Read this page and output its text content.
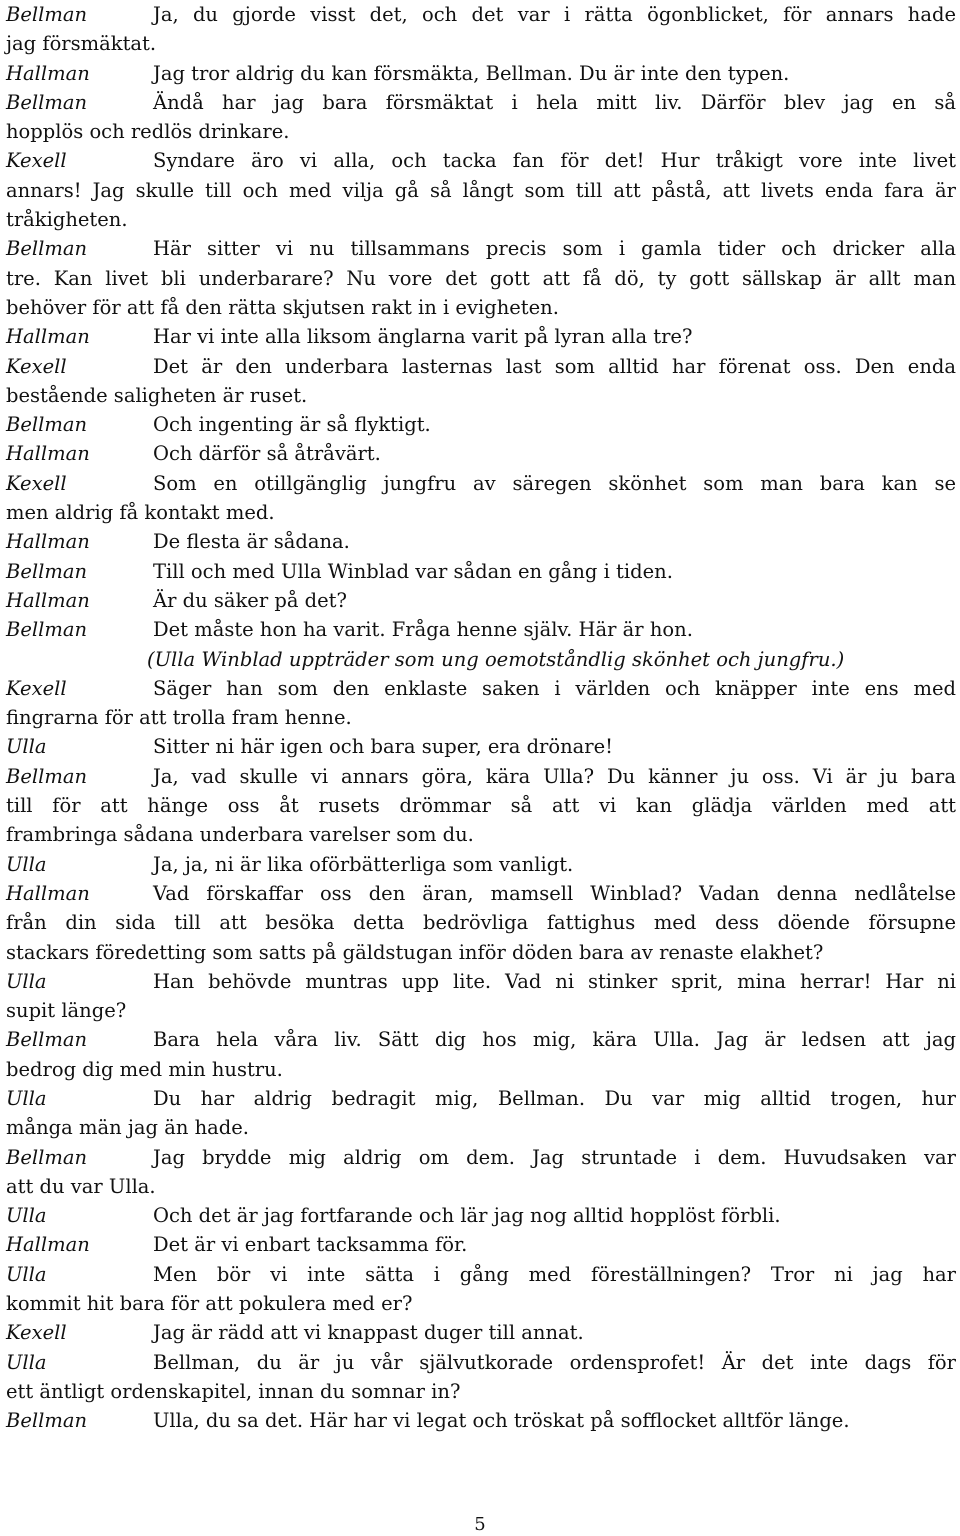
Bellman	Ja, du gjorde visst det, och det var i rätta ögonblicket, för annars hade
jag försmäktat.
Hallman	Jag tror aldrig du kan försmäkta, Bellman. Du är inte den typen.
Bellman	Ändå har jag bara försmäktat i hela mitt liv. Därför blev jag en så
hopplös och redlös drinkare.
Kexell	Syndare äro vi alla, och tacka fan för det! Hur tråkigt vore inte livet
annars! Jag skulle till och med vilja gå så långt som till att påstå, att livets enda fara är
tråkigheten.
Bellman	Här sitter vi nu tillsammans precis som i gamla tider och dricker alla
tre. Kan livet bli underbarare? Nu vore det gott att få dö, ty gott sällskap är allt man
behöver för att få den rätta skjutsen rakt in i evigheten.
Hallman	Har vi inte alla liksom änglarna varit på lyran alla tre?
Kexell	Det är den underbara lasternas last som alltid har förenat oss. Den enda
bestående saligheten är ruset.
Bellman	Och ingenting är så flyktigt.
Hallman	Och därför så åtråvärt.
Kexell	Som en otillgänglig jungfru av säregen skönhet som man bara kan se
men aldrig få kontakt med.
Hallman	De flesta är sådana.
Bellman	Till och med Ulla Winblad var sådan en gång i tiden.
Hallman	Är du säker på det?
Bellman	Det måste hon ha varit. Fråga henne själv. Här är hon.
(Ulla Winblad uppträder som ung oemotståndlig skönhet och jungfru.)
Kexell	Säger han som den enklaste saken i världen och knäpper inte ens med
fingrarna för att trolla fram henne.
Ulla	Sitter ni här igen och bara super, era drönare!
Bellman	Ja, vad skulle vi annars göra, kära Ulla? Du känner ju oss. Vi är ju bara
till för att hänge oss åt rusets drömmar så att vi kan glädja världen med att
frambringa sådana underbara varelser som du.
Ulla	Ja, ja, ni är lika oförbätterliga som vanligt.
Hallman	Vad förskaffar oss den äran, mamsell Winblad? Vadan denna nedlåtelse
från din sida till att besöka detta bedrövliga fattighus med dess döende försupne
stackars föredetting som satts på gäldstugan inför döden bara av renaste elakhet?
Ulla	Han behövde muntras upp lite. Vad ni stinker sprit, mina herrar! Har ni
supit länge?
Bellman	Bara hela våra liv. Sätt dig hos mig, kära Ulla. Jag är ledsen att jag
bedrog dig med min hustru.
Ulla	Du har aldrig bedragit mig, Bellman. Du var mig alltid trogen, hur
många män jag än hade.
Bellman	Jag brydde mig aldrig om dem. Jag struntade i dem. Huvudsaken var
att du var Ulla.
Ulla	Och det är jag fortfarande och lär jag nog alltid hopplöst förbli.
Hallman	Det är vi enbart tacksamma för.
Ulla	Men bör vi inte sätta i gång med föreställningen? Tror ni jag har
kommit hit bara för att pokulera med er?
Kexell	Jag är rädd att vi knappast duger till annat.
Ulla	Bellman, du är ju vår självutkorade ordensprofet! Är det inte dags för
ett äntligt ordenskapitel, innan du somnar in?
Bellman	Ulla, du sa det. Här har vi legat och tröskat på sofflocket alltför länge.
5
